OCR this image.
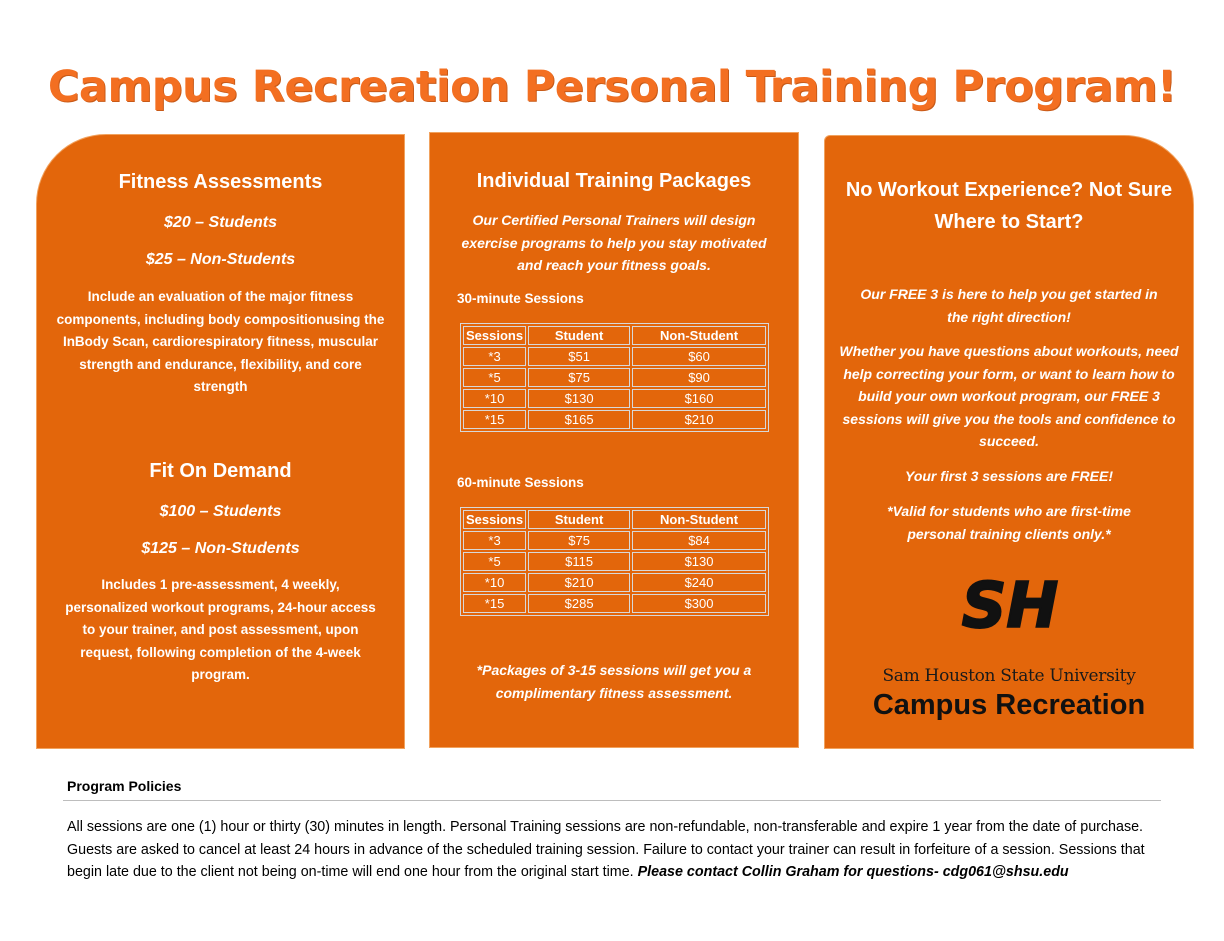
Campus Recreation Personal Training Program!
Fitness Assessments
$20 – Students
$25 – Non-Students
Include an evaluation of the major fitness components, including body compositionusing the InBody Scan, cardiorespiratory fitness, muscular strength and endurance, flexibility, and core strength
Fit On Demand
$100 – Students
$125 – Non-Students
Includes 1 pre-assessment, 4 weekly, personalized workout programs, 24-hour access to your trainer, and post assessment, upon request, following completion of the 4-week program.
Individual Training Packages
Our Certified Personal Trainers will design exercise programs to help you stay motivated and reach your fitness goals.
30-minute Sessions
Sessions	Student	Non-Student
*3	$51	$60
*5	$75	$90
*10	$130	$160
*15	$165	$210
60-minute Sessions
Sessions	Student	Non-Student
*3	$75	$84
*5	$115	$130
*10	$210	$240
*15	$285	$300
*Packages of 3-15 sessions will get you a complimentary fitness assessment.
No Workout Experience? Not Sure Where to Start?
Our FREE 3 is here to help you get started in the right direction!
Whether you have questions about workouts, need help correcting your form, or want to learn how to build your own workout program, our FREE 3 sessions will give you the tools and confidence to succeed.
Your first 3 sessions are FREE!
*Valid for students who are first-time personal training clients only.*
SH
Sam Houston State University
Campus Recreation
Program Policies
All sessions are one (1) hour or thirty (30) minutes in length. Personal Training sessions are non-refundable, non-transferable and expire 1 year from the date of purchase. Guests are asked to cancel at least 24 hours in advance of the scheduled training session. Failure to contact your trainer can result in forfeiture of a session. Sessions that begin late due to the client not being on-time will end one hour from the original start time. Please contact Collin Graham for questions- cdg061@shsu.edu
